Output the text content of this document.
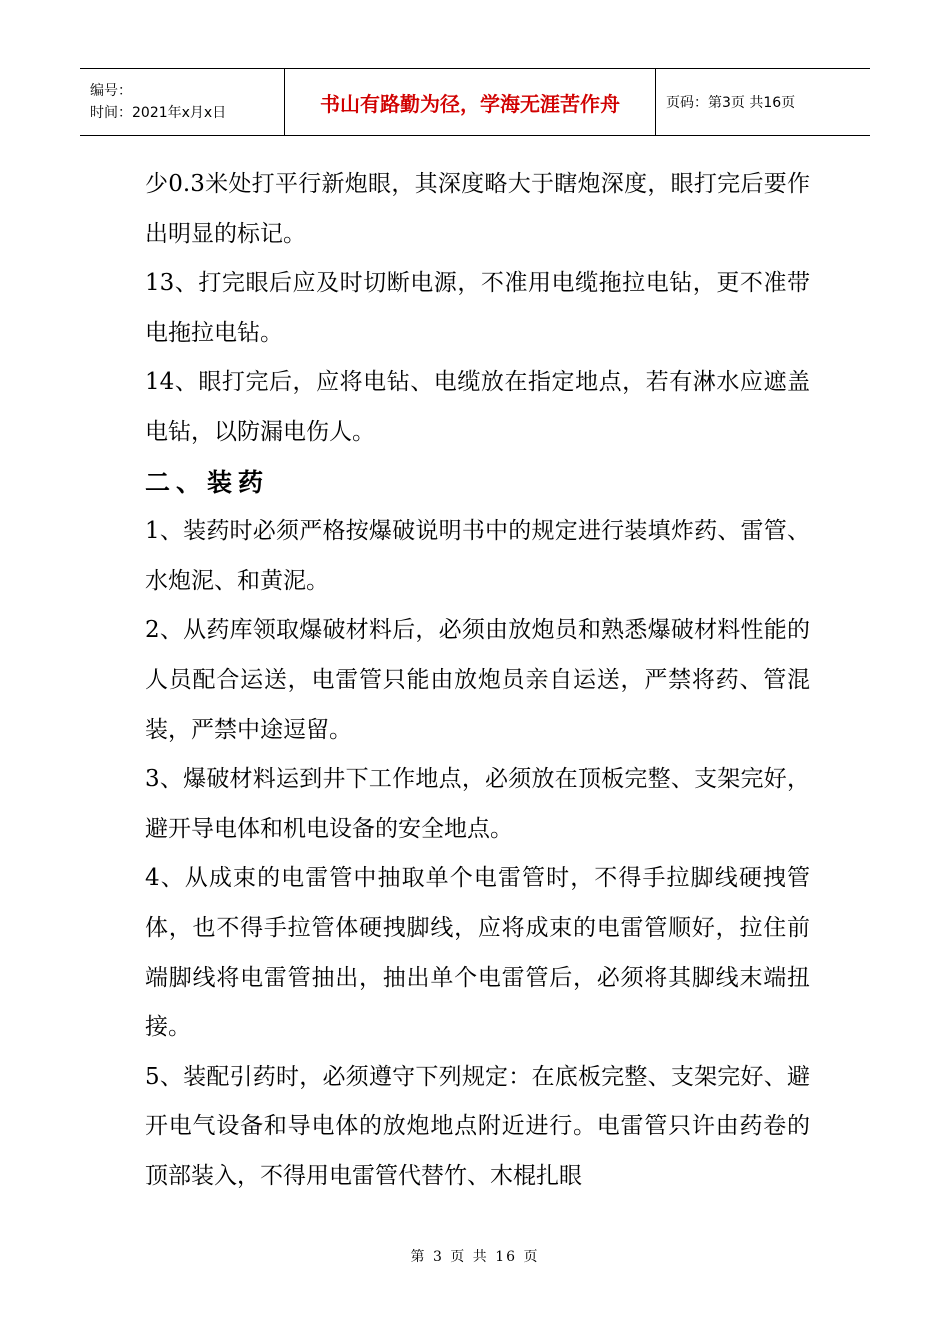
编号：
时间：2021年x月x日	书山有路勤为径，学海无涯苦作舟	页码：第3页 共16页

少0.3米处打平行新炮眼，其深度略大于瞎炮深度，眼打完后要作出明显的标记。

13、打完眼后应及时切断电源，不准用电缆拖拉电钻，更不准带电拖拉电钻。

14、眼打完后，应将电钻、电缆放在指定地点，若有淋水应遮盖电钻，以防漏电伤人。

二、装药

1、装药时必须严格按爆破说明书中的规定进行装填炸药、雷管、水炮泥、和黄泥。

2、从药库领取爆破材料后，必须由放炮员和熟悉爆破材料性能的人员配合运送，电雷管只能由放炮员亲自运送，严禁将药、管混装，严禁中途逗留。

3、爆破材料运到井下工作地点，必须放在顶板完整、支架完好，避开导电体和机电设备的安全地点。

4、从成束的电雷管中抽取单个电雷管时，不得手拉脚线硬拽管体，也不得手拉管体硬拽脚线，应将成束的电雷管顺好，拉住前端脚线将电雷管抽出，抽出单个电雷管后，必须将其脚线末端扭接。

5、装配引药时，必须遵守下列规定：在底板完整、支架完好、避开电气设备和导电体的放炮地点附近进行。电雷管只许由药卷的顶部装入，不得用电雷管代替竹、木棍扎眼

第 3 页 共 16 页
